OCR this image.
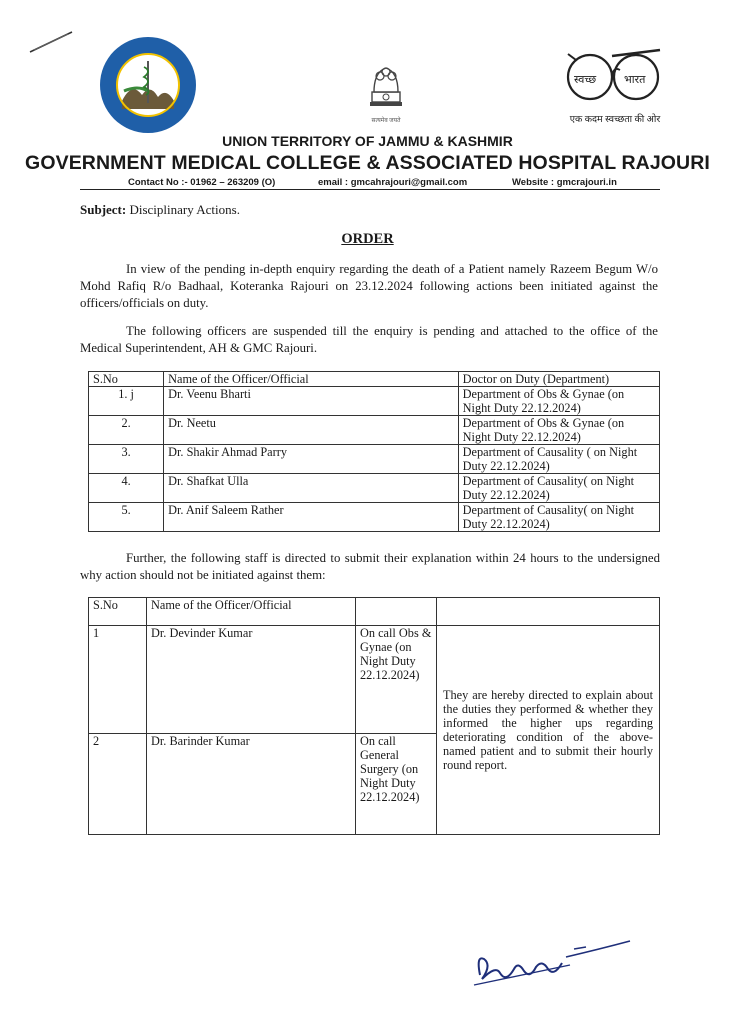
सत्यमेव जयते
स्वच्छ	भारत
एक कदम स्वच्छता की ओर
UNION TERRITORY OF JAMMU & KASHMIR
GOVERNMENT MEDICAL COLLEGE & ASSOCIATED HOSPITAL RAJOURI
Contact No :- 01962 – 263209 (O)	email : gmcahrajouri@gmail.com	Website : gmcrajouri.in
Subject: Disciplinary Actions.
ORDER
In view of the pending in-depth enquiry regarding the death of a Patient namely Razeem Begum W/o Mohd Rafiq R/o Badhaal, Koteranka Rajouri on 23.12.2024 following actions been initiated against the officers/officials on duty.
The following officers are suspended till the enquiry is pending and attached to the office of the Medical Superintendent, AH & GMC Rajouri.
S.No	Name of the Officer/Official	Doctor on Duty (Department)
1. j	Dr. Veenu Bharti	Department of Obs & Gynae (on Night Duty 22.12.2024)
2.	Dr. Neetu	Department of Obs & Gynae (on Night Duty 22.12.2024)
3.	Dr. Shakir Ahmad Parry	Department of Causality ( on Night Duty 22.12.2024)
4.	Dr. Shafkat Ulla	Department of Causality( on Night Duty 22.12.2024)
5.	Dr. Anif Saleem Rather	Department of Causality( on Night Duty 22.12.2024)
Further, the following staff is directed to submit their explanation within 24 hours to the undersigned why action should not be initiated against them:
S.No	Name of the Officer/Official		
1	Dr. Devinder Kumar	On call Obs & Gynae (on Night Duty 22.12.2024)	They are hereby directed to explain about the duties they performed & whether they informed the higher ups regarding deteriorating condition of the above-named patient and to submit their hourly round report.
2	Dr. Barinder Kumar	On call General Surgery (on Night Duty 22.12.2024)	
